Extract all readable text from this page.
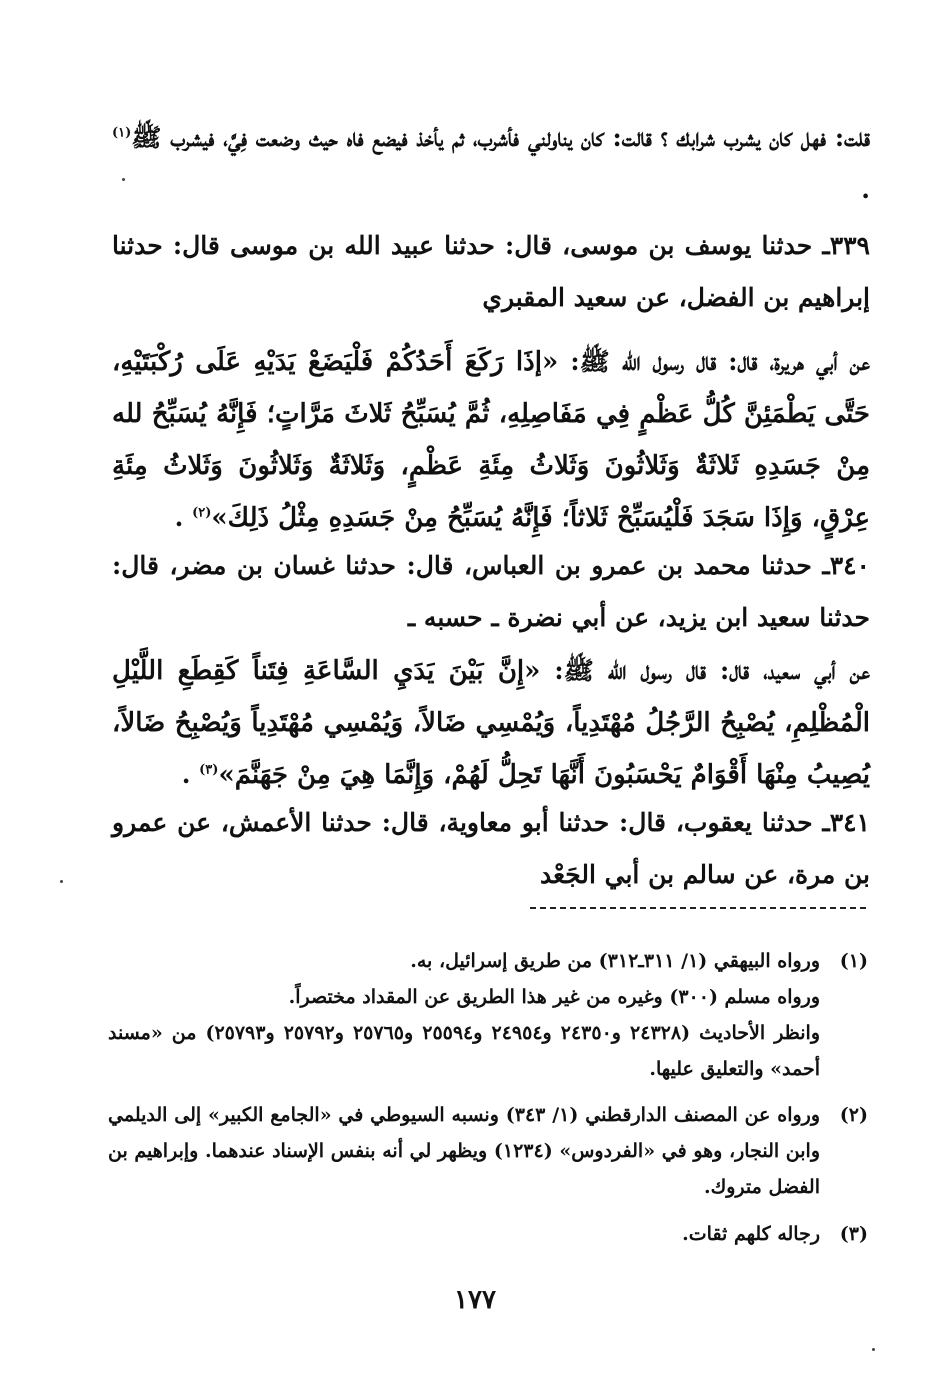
قلت: فهل كان يشرب شرابك ؟ قالت: كان يناولني فأشرب، ثم يأخذ فيضع فاه حيث وضعت فِيَّ، فيشرب ﷺ$^{(١)}$ .
٣٣٩ـ حدثنا يوسف بن موسى، قال: حدثنا عبيد الله بن موسى قال: حدثنا إبراهيم بن الفضل، عن سعيد المقبري
عن أبي هريرة، قال: قال رسول الله ﷺ: «إذَا رَكَعَ أَحَدُكُمْ فَلْيَضَعْ يَدَيْهِ عَلَى رُكْبَتَيْهِ، حَتَّى يَطْمَئِنَّ كُلُّ عَظْمٍ فِي مَفَاصِلِهِ، ثُمَّ يُسَبِّحُ ثَلاثَ مَرَّاتٍ؛ فَإِنَّهُ يُسَبِّحُ لله مِنْ جَسَدِهِ ثَلاثَةٌ وَثَلاثُونَ وَثَلاثُ مِئَةِ عَظْمٍ، وَثَلاثَةٌ وَثَلاثُونَ وَثَلاثُ مِئَةِ عِرْقٍ، وَإِذَا سَجَدَ فَلْيُسَبِّحْ ثَلاثاً؛ فَإِنَّهُ يُسَبِّحُ مِنْ جَسَدِهِ مِثْلُ ذَلِكَ»$^{(٢)}$ .
٣٤٠ـ حدثنا محمد بن عمرو بن العباس، قال: حدثنا غسان بن مضر، قال: حدثنا سعيد ابن يزيد، عن أبي نضرة ـ حسبه ـ
عن أبي سعيد، قال: قال رسول الله ﷺ: «إِنَّ بَيْنَ يَدَيِ السَّاعَةِ فِتَناً كَقِطَعِ اللَّيْلِ الْمُظْلِمِ، يُصْبِحُ الرَّجُلُ مُهْتَدِياً، وَيُمْسِي ضَالاً، وَيُمْسِي مُهْتَدِياً وَيُصْبِحُ ضَالاً، يُصِيبُ مِنْهَا أَقْوَامٌ يَحْسَبُونَ أَنَّهَا تَحِلُّ لَهُمْ، وَإِنَّمَا هِيَ مِنْ جَهَنَّمَ»$^{(٣)}$ .
٣٤١ـ حدثنا يعقوب، قال: حدثنا أبو معاوية، قال: حدثنا الأعمش، عن عمرو بن مرة، عن سالم بن أبي الجَعْد
(١)
ورواه البيهقي (١/ ٣١١ـ٣١٢) من طريق إسرائيل، به.
ورواه مسلم (٣٠٠) وغيره من غير هذا الطريق عن المقداد مختصراً.
وانظر الأحاديث (٢٤٣٢٨ و٢٤٣٥٠ و٢٤٩٥٤ و٢٥٥٩٤ و٢٥٧٦٥ و٢٥٧٩٢ و٢٥٧٩٣) من «مسند أحمد» والتعليق عليها.
(٢)
ورواه عن المصنف الدارقطني (١/ ٣٤٣) ونسبه السيوطي في «الجامع الكبير» إلى الديلمي وابن النجار، وهو في «الفردوس» (١٢٣٤) ويظهر لي أنه بنفس الإسناد عندهما. وإبراهيم بن الفضل متروك.
(٣)
رجاله كلهم ثقات.
١٧٧
